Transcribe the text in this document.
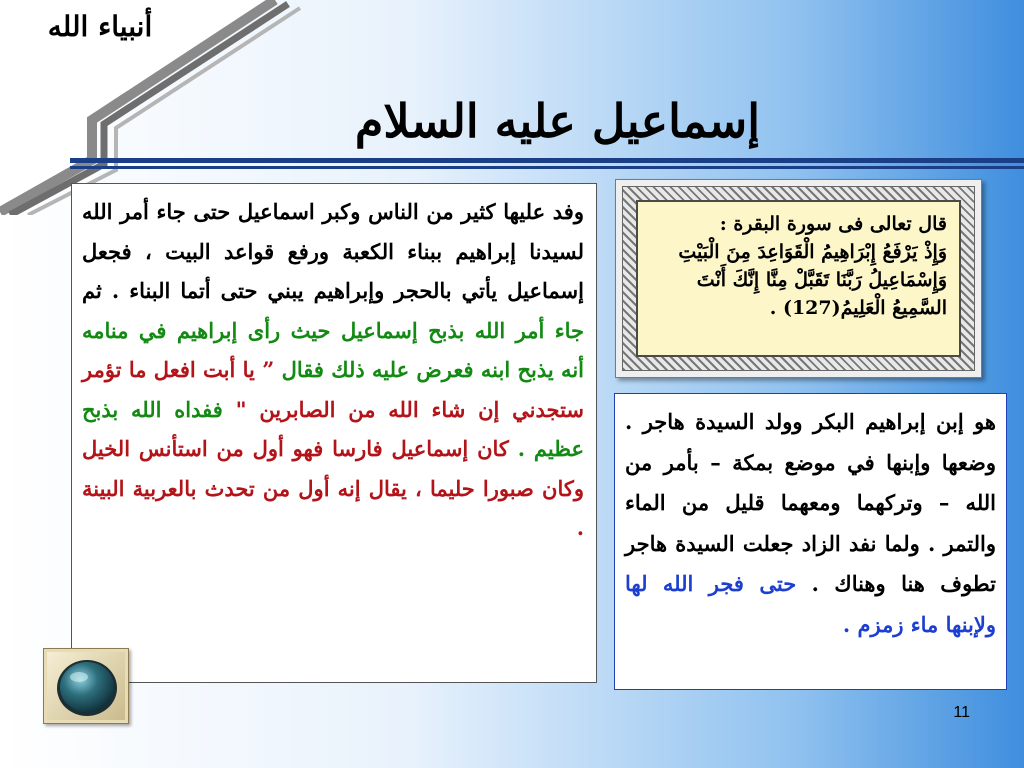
أنبياء الله
إسماعيل عليه السلام

وفد عليها كثير من الناس وكبر اسماعيل حتى جاء أمر الله لسيدنا إبراهيم ببناء الكعبة ورفع قواعد البيت ، فجعل إسماعيل يأتي بالحجر وإبراهيم يبني حتى أتما البناء . ثم جاء أمر الله بذبح إسماعيل حيث رأى إبراهيم في منامه أنه يذبح ابنه فعرض عليه ذلك فقال ” يا أبت افعل ما تؤمر ستجدني إن شاء الله من الصابرين " ففداه الله بذبح عظيم . كان إسماعيل فارسا فهو أول من استأنس الخيل وكان صبورا حليما ، يقال إنه أول من تحدث بالعربية البينة .

قال تعالى فى سورة البقرة :
وَإِذْ يَرْفَعُ إِبْرَاهِيمُ الْقَوَاعِدَ مِنَ الْبَيْتِ وَإِسْمَاعِيلُ رَبَّنَا تَقَبَّلْ مِنَّا إِنَّكَ أَنْتَ السَّمِيعُ الْعَلِيمُ(127) .

هو إبن إبراهيم البكر وولد السيدة هاجر . وضعها وإبنها في موضع بمكة – بأمر من الله – وتركهما ومعهما قليل من الماء والتمر . ولما نفد الزاد جعلت السيدة هاجر تطوف هنا وهناك . حتى فجر الله لها ولإبنها ماء زمزم .

11
